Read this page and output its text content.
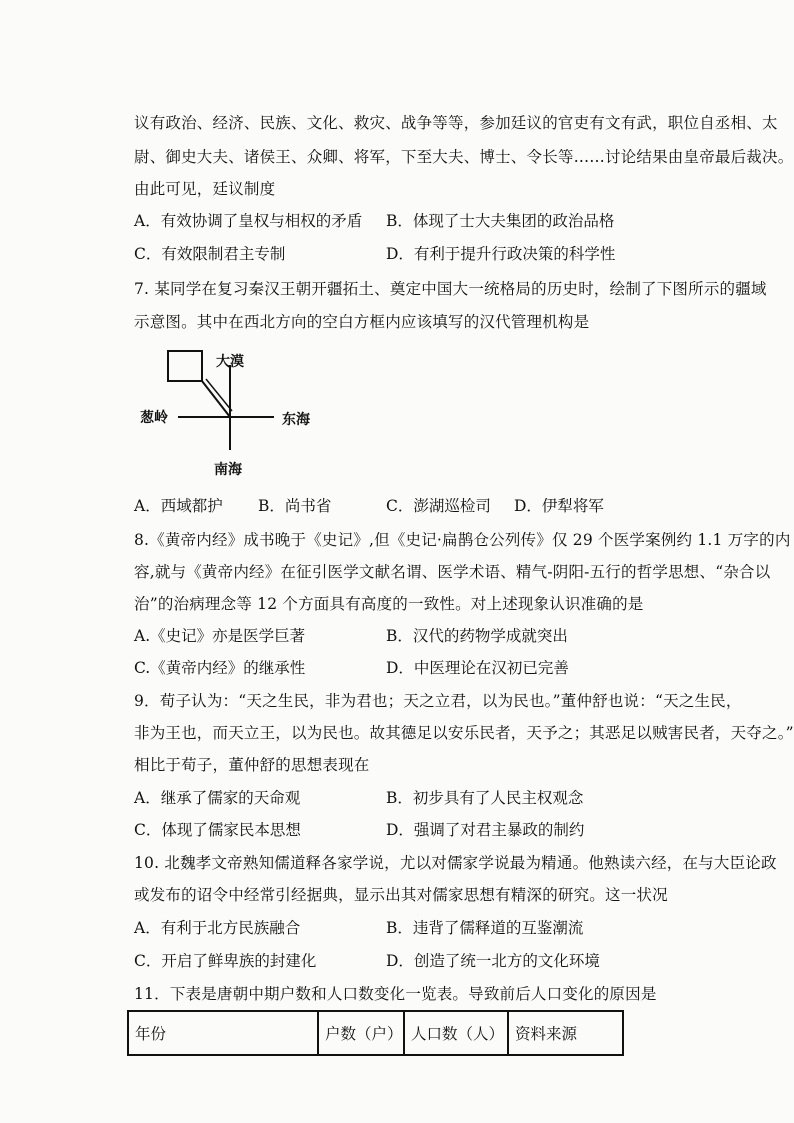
议有政治、经济、民族、文化、救灾、战争等等，参加廷议的官吏有文有武，职位自丞相、太
尉、御史大夫、诸侯王、众卿、将军，下至大夫、博士、令长等……讨论结果由皇帝最后裁决。
由此可见，廷议制度
A．有效协调了皇权与相权的矛盾 B．体现了士大夫集团的政治品格
C．有效限制君主专制	D．有利于提升行政决策的科学性
7. 某同学在复习秦汉王朝开疆拓土、奠定中国大一统格局的历史时，绘制了下图所示的疆域
示意图。其中在西北方向的空白方框内应该填写的汉代管理机构是
大漠
葱岭	东海
南海
A．西域都护 B．尚书省	C．澎湖巡检司 D．伊犁将军
8.《黄帝内经》成书晚于《史记》,但《史记·扁鹊仓公列传》仅 29 个医学案例约 1.1 万字的内
容,就与《黄帝内经》在征引医学文献名谓、医学术语、精气-阴阳-五行的哲学思想、“杂合以
治”的治病理念等 12 个方面具有高度的一致性。对上述现象认识准确的是
A.《史记》亦是医学巨著	B．汉代的药物学成就突出
C.《黄帝内经》的继承性	D．中医理论在汉初已完善
9．荀子认为：“天之生民，非为君也；天之立君，以为民也。”董仲舒也说：“天之生民，
非为王也，而天立王，以为民也。故其德足以安乐民者，天予之；其恶足以贼害民者，天夺之。”
相比于荀子，董仲舒的思想表现在
A．继承了儒家的天命观	B．初步具有了人民主权观念
C．体现了儒家民本思想	D．强调了对君主暴政的制约
10. 北魏孝文帝熟知儒道释各家学说，尤以对儒家学说最为精通。他熟读六经，在与大臣论政
或发布的诏令中经常引经据典，显示出其对儒家思想有精深的研究。这一状况
A．有利于北方民族融合	B．违背了儒释道的互鉴潮流
C．开启了鲜卑族的封建化	D．创造了统一北方的文化环境
11．下表是唐朝中期户数和人口数变化一览表。导致前后人口变化的原因是
年份	户数（户）	人口数（人）	资料来源
